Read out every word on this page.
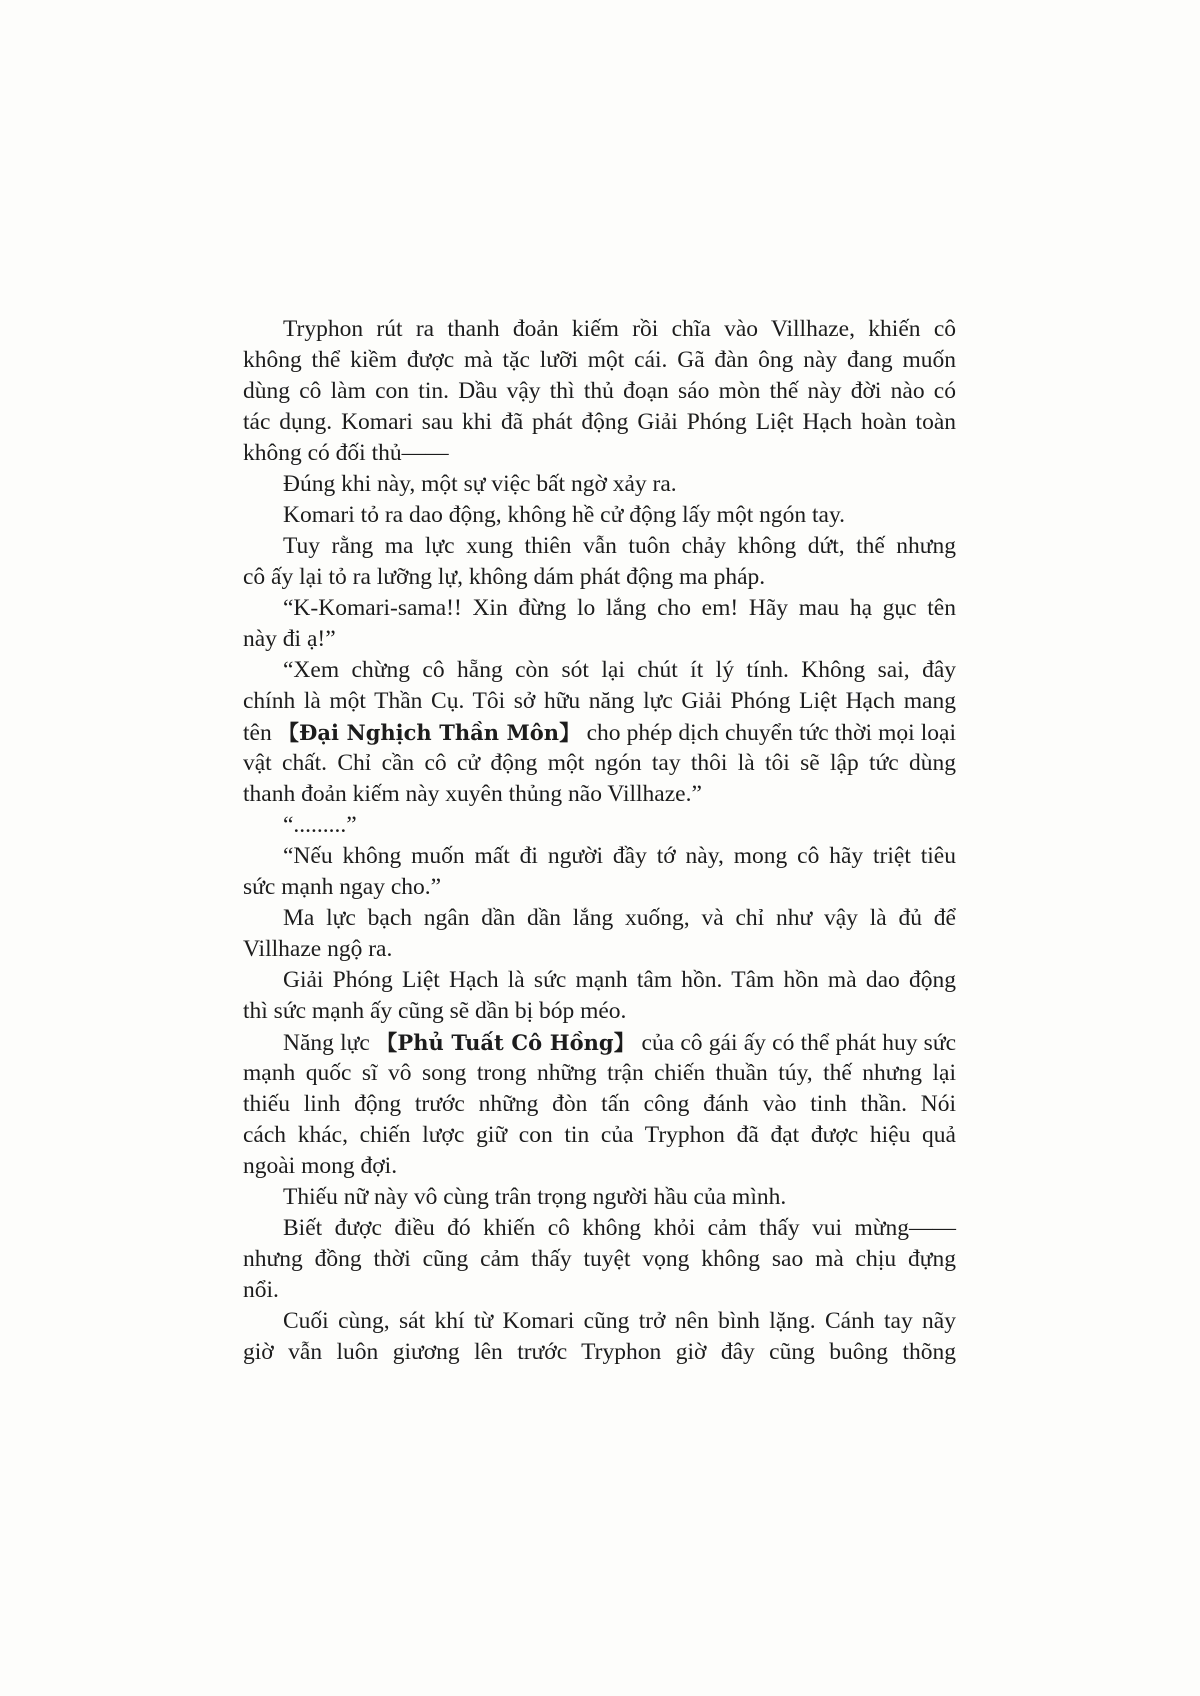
Tryphon rút ra thanh đoản kiếm rồi chĩa vào Villhaze, khiến cô
không thể kiềm được mà tặc lưỡi một cái. Gã đàn ông này đang muốn
dùng cô làm con tin. Dầu vậy thì thủ đoạn sáo mòn thế này đời nào có
tác dụng. Komari sau khi đã phát động Giải Phóng Liệt Hạch hoàn toàn
không có đối thủ——
Đúng khi này, một sự việc bất ngờ xảy ra.
Komari tỏ ra dao động, không hề cử động lấy một ngón tay.
Tuy rằng ma lực xung thiên vẫn tuôn chảy không dứt, thế nhưng
cô ấy lại tỏ ra lưỡng lự, không dám phát động ma pháp.
“K-Komari-sama!! Xin đừng lo lắng cho em! Hãy mau hạ gục tên
này đi ạ!”
“Xem chừng cô hẵng còn sót lại chút ít lý tính. Không sai, đây
chính là một Thần Cụ. Tôi sở hữu năng lực Giải Phóng Liệt Hạch mang
tên 【Đại Nghịch Thần Môn】 cho phép dịch chuyển tức thời mọi loại
vật chất. Chỉ cần cô cử động một ngón tay thôi là tôi sẽ lập tức dùng
thanh đoản kiếm này xuyên thủng não Villhaze.”
“.........”
“Nếu không muốn mất đi người đầy tớ này, mong cô hãy triệt tiêu
sức mạnh ngay cho.”
Ma lực bạch ngân dần dần lắng xuống, và chỉ như vậy là đủ để
Villhaze ngộ ra.
Giải Phóng Liệt Hạch là sức mạnh tâm hồn. Tâm hồn mà dao động
thì sức mạnh ấy cũng sẽ dần bị bóp méo.
Năng lực 【Phủ Tuất Cô Hồng】 của cô gái ấy có thể phát huy sức
mạnh quốc sĩ vô song trong những trận chiến thuần túy, thế nhưng lại
thiếu linh động trước những đòn tấn công đánh vào tinh thần. Nói
cách khác, chiến lược giữ con tin của Tryphon đã đạt được hiệu quả
ngoài mong đợi.
Thiếu nữ này vô cùng trân trọng người hầu của mình.
Biết được điều đó khiến cô không khỏi cảm thấy vui mừng——
nhưng đồng thời cũng cảm thấy tuyệt vọng không sao mà chịu đựng
nổi.
Cuối cùng, sát khí từ Komari cũng trở nên bình lặng. Cánh tay nãy
giờ vẫn luôn giương lên trước Tryphon giờ đây cũng buông thõng
